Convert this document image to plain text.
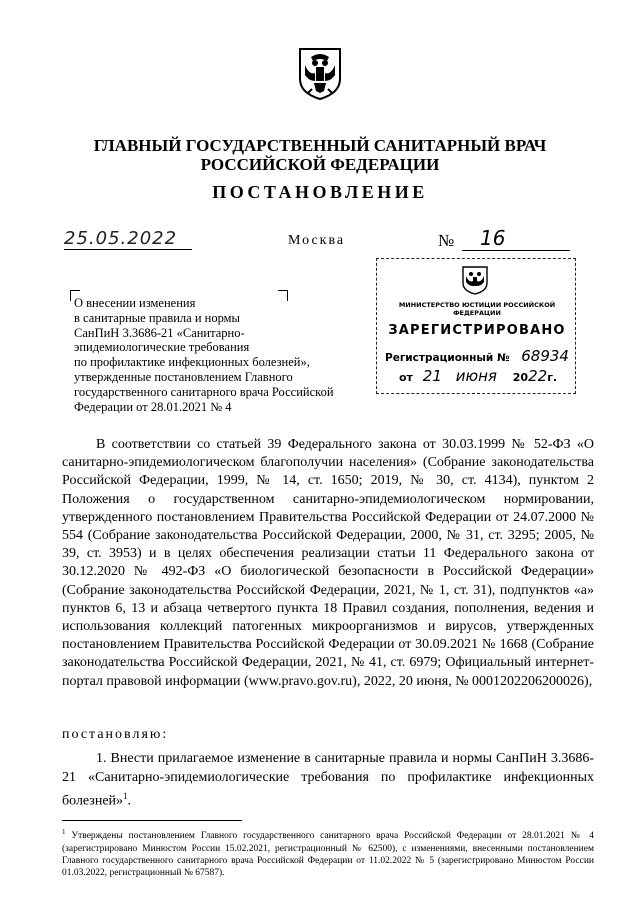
ГЛАВНЫЙ ГОСУДАРСТВЕННЫЙ САНИТАРНЫЙ ВРАЧ
РОССИЙСКОЙ ФЕДЕРАЦИИ
ПОСТАНОВЛЕНИЕ
25.05.2022	Москва	№	16
О внесении изменения
в санитарные правила и нормы
СанПиН 3.3686-21 «Санитарно-
эпидемиологические требования
по профилактике инфекционных болезней»,
утвержденные постановлением Главного
государственного санитарного врача Российской
Федерации от 28.01.2021 № 4
МИНИСТЕРСТВО ЮСТИЦИИ РОССИЙСКОЙ ФЕДЕРАЦИИ
ЗАРЕГИСТРИРОВАНО
Регистрационный № 68934
от 21 июня 2022г.

В соответствии со статьей 39 Федерального закона от 30.03.1999 № 52-ФЗ «О санитарно-эпидемиологическом благополучии населения» (Собрание законодательства Российской Федерации, 1999, № 14, ст. 1650; 2019, № 30, ст. 4134), пунктом 2 Положения о государственном санитарно-эпидемиологическом нормировании, утвержденного постановлением Правительства Российской Федерации от 24.07.2000 № 554 (Собрание законодательства Российской Федерации, 2000, № 31, ст. 3295; 2005, № 39, ст. 3953) и в целях обеспечения реализации статьи 11 Федерального закона от 30.12.2020 № 492-ФЗ «О биологической безопасности в Российской Федерации» (Собрание законодательства Российской Федерации, 2021, № 1, ст. 31), подпунктов «а» пунктов 6, 13 и абзаца четвертого пункта 18 Правил создания, пополнения, ведения и использования коллекций патогенных микроорганизмов и вирусов, утвержденных постановлением Правительства Российской Федерации от 30.09.2021 № 1668 (Собрание законодательства Российской Федерации, 2021, № 41, ст. 6979; Официальный интернет-портал правовой информации (www.pravo.gov.ru), 2022, 20 июня, № 0001202206200026),

постановляю:
1. Внести прилагаемое изменение в санитарные правила и нормы СанПиН 3.3686-21 «Санитарно-эпидемиологические требования по профилактике инфекционных болезней»$^1$.
$^1$ Утверждены постановлением Главного государственного санитарного врача Российской Федерации от 28.01.2021 № 4 (зарегистрировано Минюстом России 15.02.2021, регистрационный № 62500), с изменениями, внесенными постановлением Главного государственного санитарного врача Российской Федерации от 11.02.2022 № 5 (зарегистрировано Минюстом России 01.03.2022, регистрационный № 67587).
